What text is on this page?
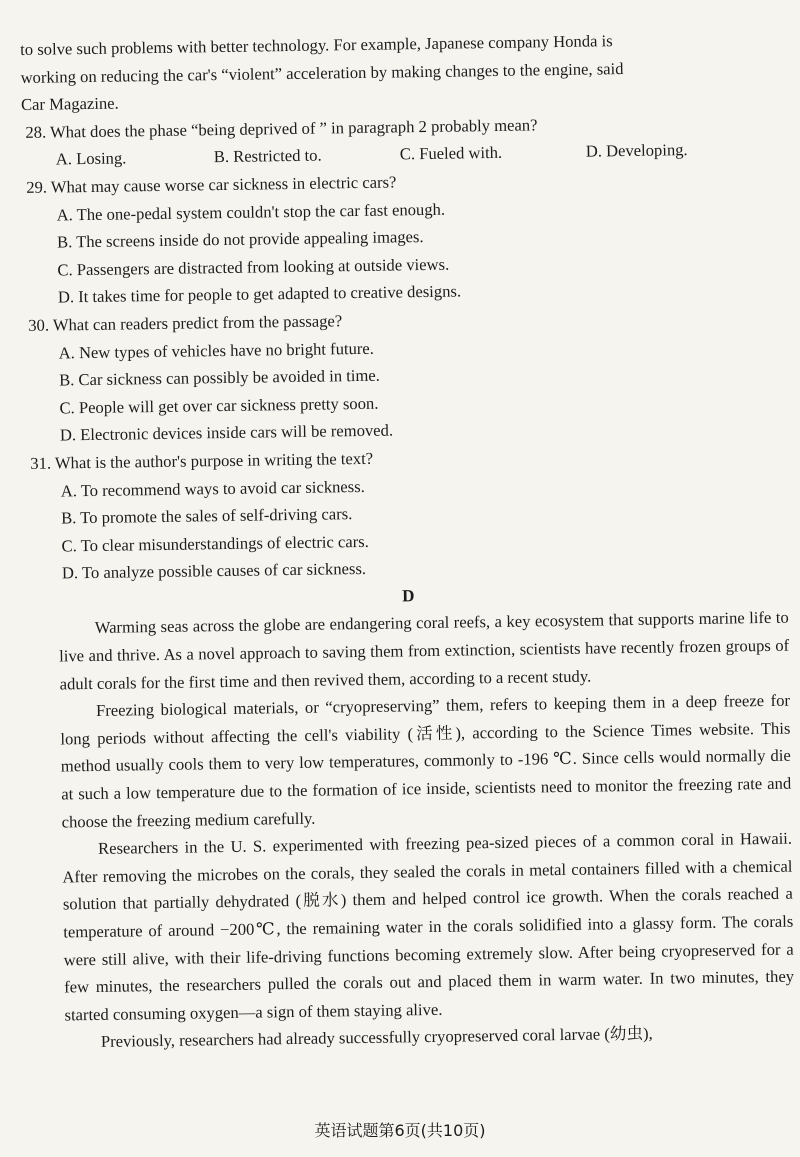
to solve such problems with better technology. For example, Japanese company Honda is

working on reducing the car's “violent” acceleration by making changes to the engine, said

Car Magazine.

28. What does the phase “being deprived of ” in paragraph 2 probably mean?

A. Losing.	B. Restricted to.	C. Fueled with.	D. Developing.

29. What may cause worse car sickness in electric cars?

A. The one-pedal system couldn't stop the car fast enough.

B. The screens inside do not provide appealing images.

C. Passengers are distracted from looking at outside views.

D. It takes time for people to get adapted to creative designs.

30. What can readers predict from the passage?

A. New types of vehicles have no bright future.

B. Car sickness can possibly be avoided in time.

C. People will get over car sickness pretty soon.

D. Electronic devices inside cars will be removed.

31. What is the author's purpose in writing the text?

A. To recommend ways to avoid car sickness.

B. To promote the sales of self-driving cars.

C. To clear misunderstandings of electric cars.

D. To analyze possible causes of car sickness.

D

Warming seas across the globe are endangering coral reefs, a key ecosystem that supports marine life to live and thrive. As a novel approach to saving them from extinction, scientists have recently frozen groups of adult corals for the first time and then revived them, according to a recent study.

Freezing biological materials, or “cryopreserving” them, refers to keeping them in a deep freeze for long periods without affecting the cell's viability (活性), according to the Science Times website. This method usually cools them to very low temperatures, commonly to -196 ℃. Since cells would normally die at such a low temperature due to the formation of ice inside, scientists need to monitor the freezing rate and choose the freezing medium carefully.

Researchers in the U. S. experimented with freezing pea-sized pieces of a common coral in Hawaii. After removing the microbes on the corals, they sealed the corals in metal containers filled with a chemical solution that partially dehydrated (脱水) them and helped control ice growth. When the corals reached a temperature of around −200℃, the remaining water in the corals solidified into a glassy form. The corals were still alive, with their life-driving functions becoming extremely slow. After being cryopreserved for a few minutes, the researchers pulled the corals out and placed them in warm water. In two minutes, they started consuming oxygen—a sign of them staying alive.

Previously, researchers had already successfully cryopreserved coral larvae (幼虫),

英语试题第6页(共10页)
